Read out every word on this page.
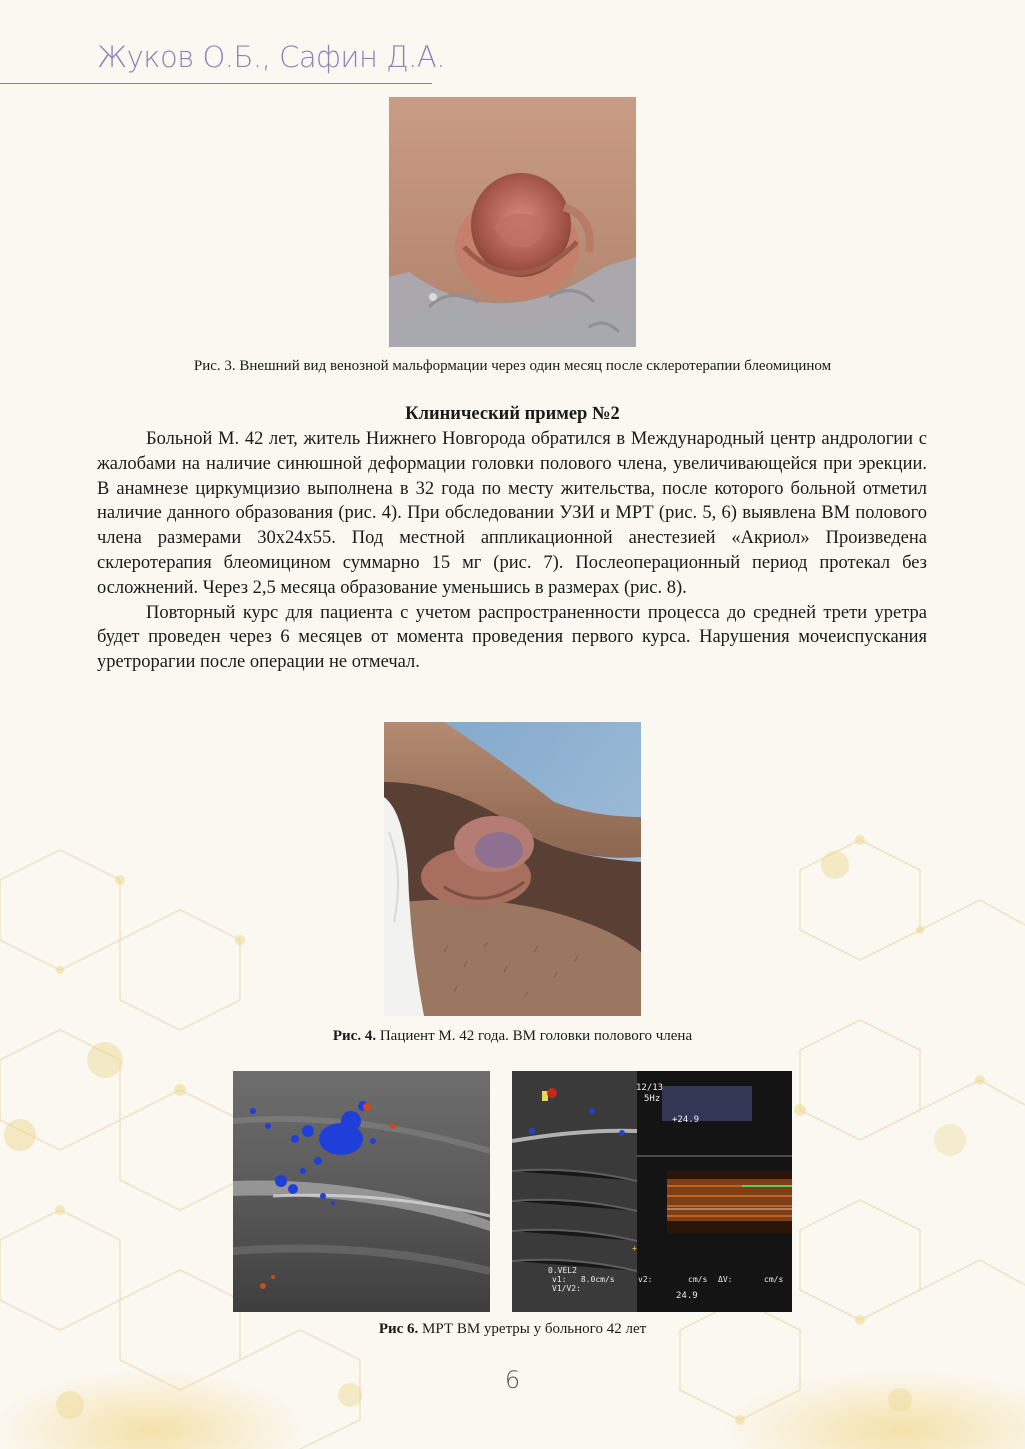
Жуков О.Б., Сафин Д.А.
Рис. 3. Внешний вид венозной мальформации через один месяц после склеротерапии блеомицином
Клинический пример №2

Больной М. 42 лет, житель Нижнего Новгорода обратился в Международный центр андрологии с жалобами на наличие синюшной деформации головки полового члена, увеличивающейся при эрекции. В анамнезе циркумцизио выполнена в 32 года по месту жительства, после которого больной отметил наличие данного образования (рис. 4). При обследовании УЗИ и МРТ (рис. 5, 6) выявлена ВМ полового члена размерами 30х24х55. Под местной аппликационной анестезией «Акриол» Произведена склеротерапия блеомицином суммарно 15 мг (рис. 7). Послеоперационный период протекал без осложнений. Через 2,5 месяца образование уменьшись в размерах (рис. 8).

Повторный курс для пациента с учетом распространенности процесса до средней трети уретра будет проведен через 6 месяцев от момента проведения первого курса. Нарушения мочеиспускания уретрорагии после операции не отмечал.

Рис. 4. Пациент М. 42 года. ВМ головки полового члена
+
12/13
5Hz
+24.9
0.VEL2
v1:   8.0cm/s	v2:	cm/s ΔV:	cm/s
V1/V2:
24.9
Рис 6. МРТ ВМ уретры у больного 42 лет
6
